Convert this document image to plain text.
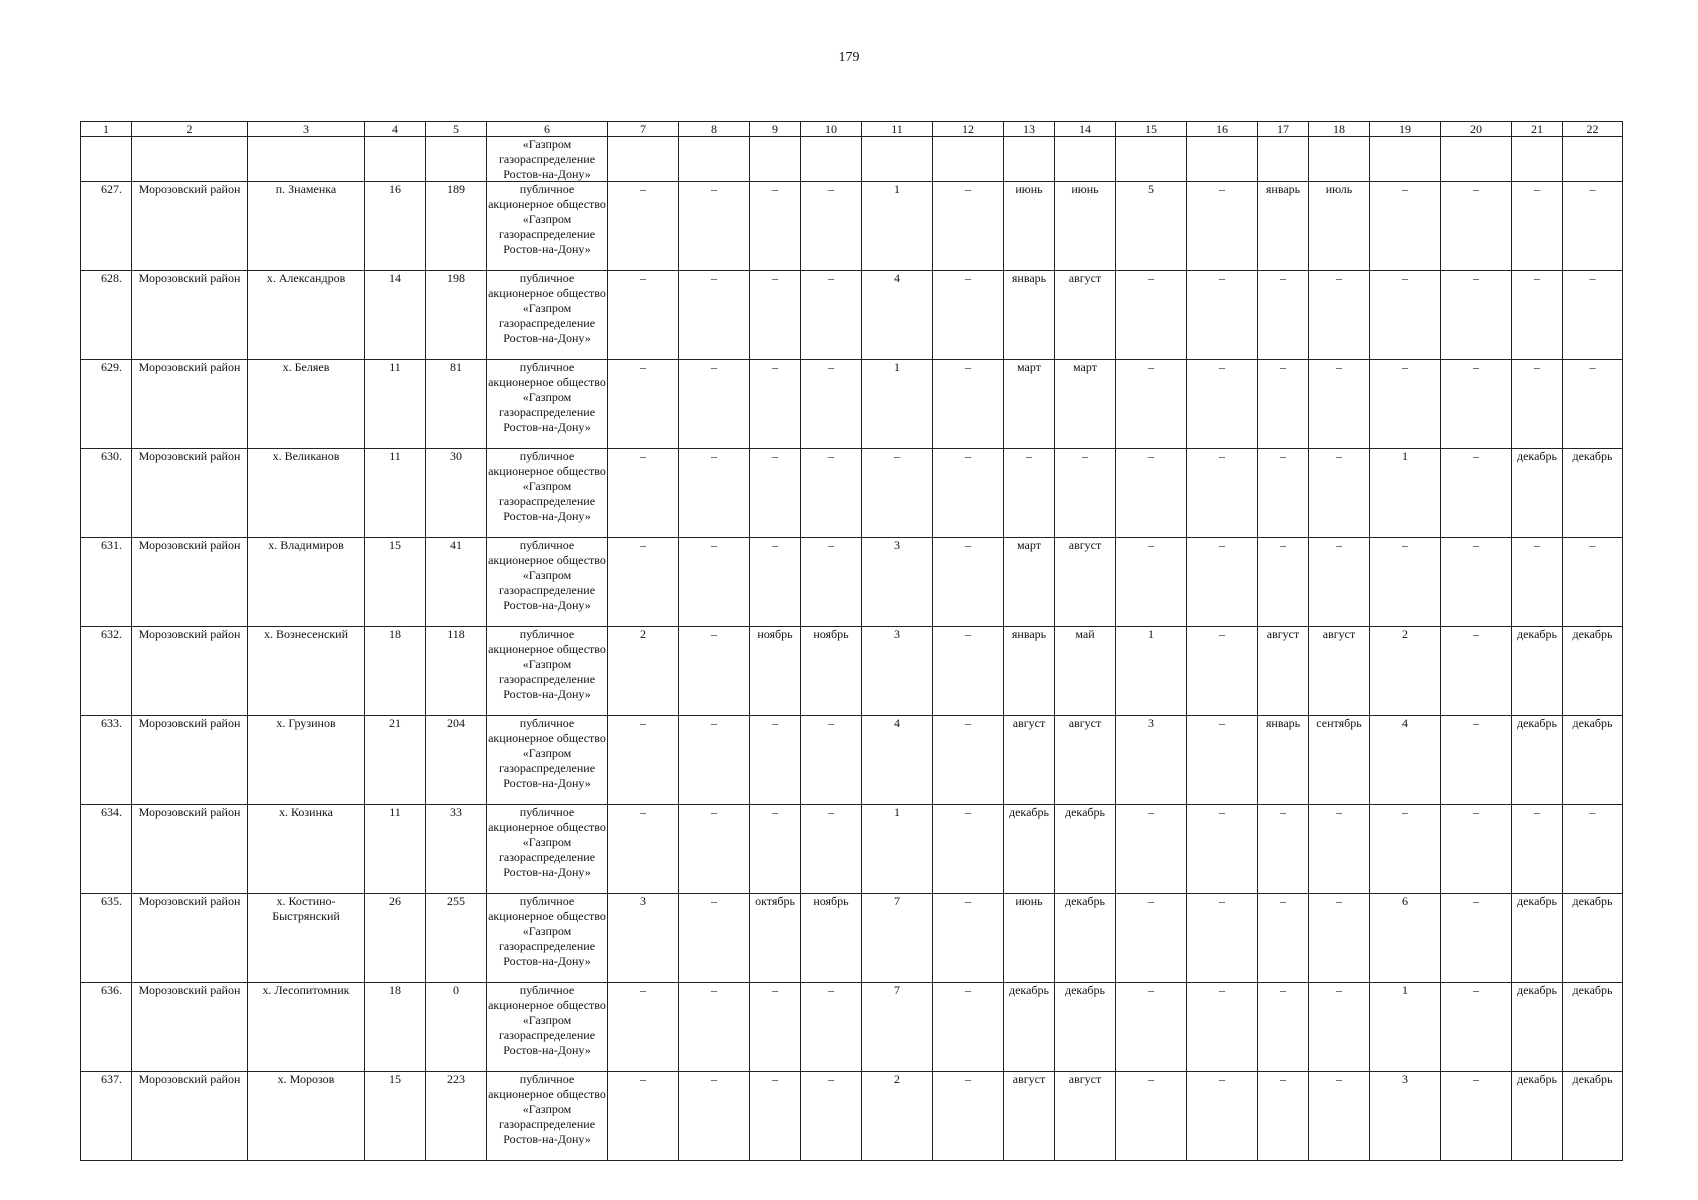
179
1	2	3	4	5	6	7	8	9	10	11	12	13	14	15	16	17	18	19	20	21	22
					«Газпром газораспределение Ростов-на-Дону»																
627.	Морозовский район	п. Знаменка	16	189	публичное акционерное общество «Газпром газораспределение Ростов-на-Дону»	–	–	–	–	1	–	июнь	июнь	5	–	январь	июль	–	–	–	–
628.	Морозовский район	х. Александров	14	198	публичное акционерное общество «Газпром газораспределение Ростов-на-Дону»	–	–	–	–	4	–	январь	август	–	–	–	–	–	–	–	–
629.	Морозовский район	х. Беляев	11	81	публичное акционерное общество «Газпром газораспределение Ростов-на-Дону»	–	–	–	–	1	–	март	март	–	–	–	–	–	–	–	–
630.	Морозовский район	х. Великанов	11	30	публичное акционерное общество «Газпром газораспределение Ростов-на-Дону»	–	–	–	–	–	–	–	–	–	–	–	–	1	–	декабрь	декабрь
631.	Морозовский район	х. Владимиров	15	41	публичное акционерное общество «Газпром газораспределение Ростов-на-Дону»	–	–	–	–	3	–	март	август	–	–	–	–	–	–	–	–
632.	Морозовский район	х. Вознесенский	18	118	публичное акционерное общество «Газпром газораспределение Ростов-на-Дону»	2	–	ноябрь	ноябрь	3	–	январь	май	1	–	август	август	2	–	декабрь	декабрь
633.	Морозовский район	х. Грузинов	21	204	публичное акционерное общество «Газпром газораспределение Ростов-на-Дону»	–	–	–	–	4	–	август	август	3	–	январь	сентябрь	4	–	декабрь	декабрь
634.	Морозовский район	х. Козинка	11	33	публичное акционерное общество «Газпром газораспределение Ростов-на-Дону»	–	–	–	–	1	–	декабрь	декабрь	–	–	–	–	–	–	–	–
635.	Морозовский район	х. Костино-Быстрянский	26	255	публичное акционерное общество «Газпром газораспределение Ростов-на-Дону»	3	–	октябрь	ноябрь	7	–	июнь	декабрь	–	–	–	–	6	–	декабрь	декабрь
636.	Морозовский район	х. Лесопитомник	18	0	публичное акционерное общество «Газпром газораспределение Ростов-на-Дону»	–	–	–	–	7	–	декабрь	декабрь	–	–	–	–	1	–	декабрь	декабрь
637.	Морозовский район	х. Морозов	15	223	публичное акционерное общество «Газпром газораспределение Ростов-на-Дону»	–	–	–	–	2	–	август	август	–	–	–	–	3	–	декабрь	декабрь
